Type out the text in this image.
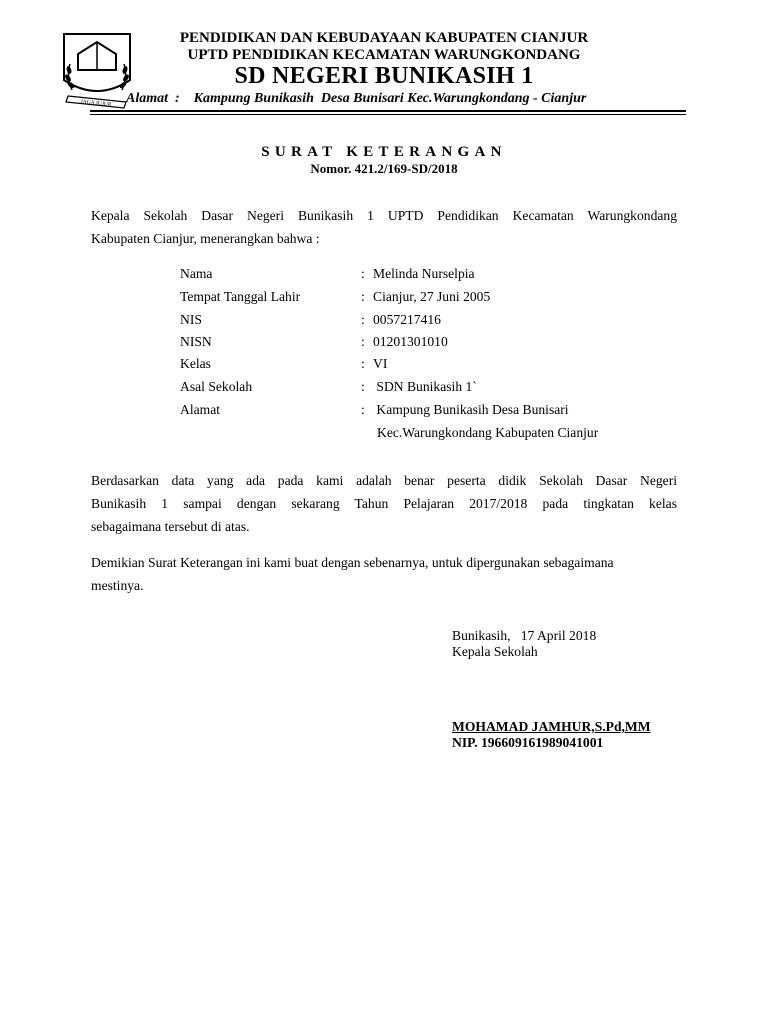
JAGA JUJUR
PENDIDIKAN DAN KEBUDAYAAN KABUPATEN CIANJUR
UPTD PENDIDIKAN KECAMATAN WARUNGKONDANG
SD NEGERI BUNIKASIH 1
Alamat  :    Kampung Bunikasih  Desa Bunisari Kec.Warungkondang - Cianjur
SURAT KETERANGAN
Nomor. 421.2/169-SD/2018
Kepala Sekolah Dasar Negeri Bunikasih 1 UPTD Pendidikan Kecamatan Warungkondang
Kabupaten Cianjur, menerangkan bahwa :
Nama	: Melinda Nurselpia
Tempat Tanggal Lahir	: Cianjur, 27 Juni 2005
NIS	: 0057217416
NISN	: 01201301010
Kelas	: VI
Asal Sekolah	: SDN Bunikasih 1`
Alamat	: Kampung Bunikasih Desa Bunisari
Kec.Warungkondang Kabupaten Cianjur
Berdasarkan data yang ada pada kami adalah benar peserta didik Sekolah Dasar Negeri
Bunikasih 1 sampai dengan sekarang Tahun Pelajaran 2017/2018 pada tingkatan kelas
sebagaimana tersebut di atas.
Demikian Surat Keterangan ini kami buat dengan sebenarnya, untuk dipergunakan sebagaimana
mestinya.
Bunikasih,   17 April 2018
Kepala Sekolah
MOHAMAD JAMHUR,S.Pd,MM
NIP. 196609161989041001
